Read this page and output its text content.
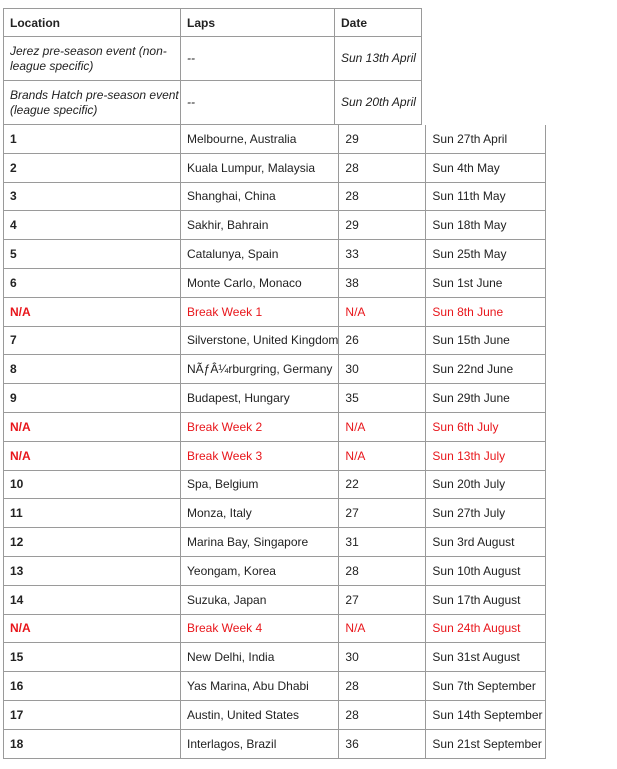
Location	Laps	Date
Jerez pre-season event (non-league specific)	--	Sun 13th April
Brands Hatch pre-season event (league specific)	--	Sun 20th April
1	Melbourne, Australia	29	Sun 27th April
2	Kuala Lumpur, Malaysia	28	Sun 4th May
3	Shanghai, China	28	Sun 11th May
4	Sakhir, Bahrain	29	Sun 18th May
5	Catalunya, Spain	33	Sun 25th May
6	Monte Carlo, Monaco	38	Sun 1st June
N/A	Break Week 1	N/A	Sun 8th June
7	Silverstone, United Kingdom	26	Sun 15th June
8	NÃƒÂ¼rburgring, Germany	30	Sun 22nd June
9	Budapest, Hungary	35	Sun 29th June
N/A	Break Week 2	N/A	Sun 6th July
N/A	Break Week 3	N/A	Sun 13th July
10	Spa, Belgium	22	Sun 20th July
11	Monza, Italy	27	Sun 27th July
12	Marina Bay, Singapore	31	Sun 3rd August
13	Yeongam, Korea	28	Sun 10th August
14	Suzuka, Japan	27	Sun 17th August
N/A	Break Week 4	N/A	Sun 24th August
15	New Delhi, India	30	Sun 31st August
16	Yas Marina, Abu Dhabi	28	Sun 7th September
17	Austin, United States	28	Sun 14th September
18	Interlagos, Brazil	36	Sun 21st September
